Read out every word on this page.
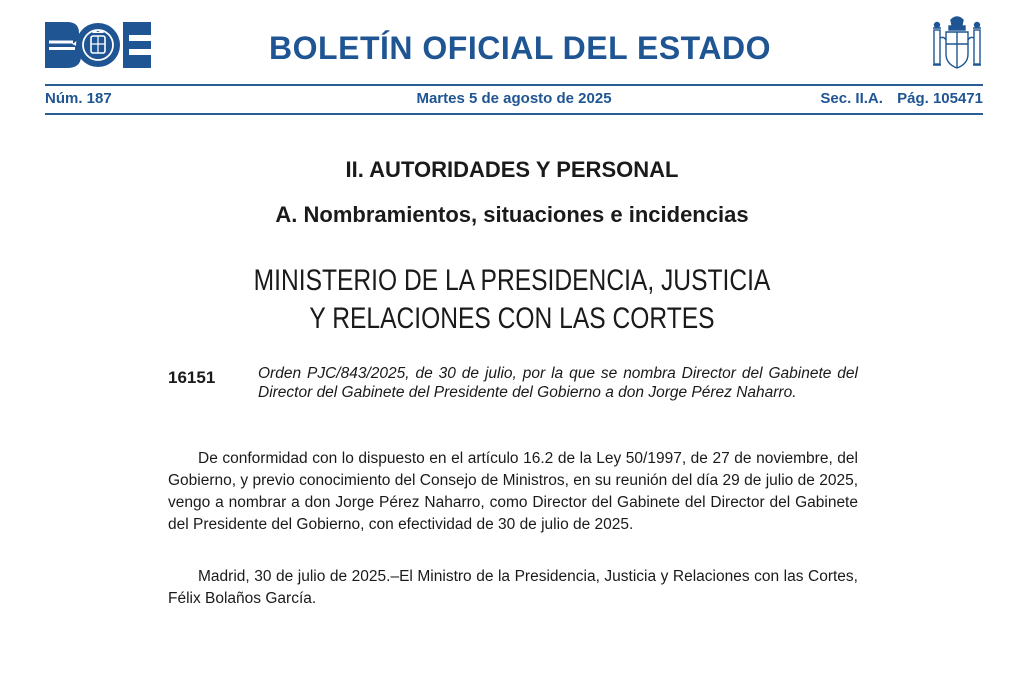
BOLETÍN OFICIAL DEL ESTADO
Núm. 187	Martes 5 de agosto de 2025	Sec. II.A. Pág. 105471
II. AUTORIDADES Y PERSONAL
A. Nombramientos, situaciones e incidencias
MINISTERIO DE LA PRESIDENCIA, JUSTICIA
Y RELACIONES CON LAS CORTES
16151	Orden PJC/843/2025, de 30 de julio, por la que se nombra Director del Gabinete del Director del Gabinete del Presidente del Gobierno a don Jorge Pérez Naharro.
De conformidad con lo dispuesto en el artículo 16.2 de la Ley 50/1997, de 27 de noviembre, del Gobierno, y previo conocimiento del Consejo de Ministros, en su reunión del día 29 de julio de 2025, vengo a nombrar a don Jorge Pérez Naharro, como Director del Gabinete del Director del Gabinete del Presidente del Gobierno, con efectividad de 30 de julio de 2025.
Madrid, 30 de julio de 2025.–El Ministro de la Presidencia, Justicia y Relaciones con las Cortes, Félix Bolaños García.
